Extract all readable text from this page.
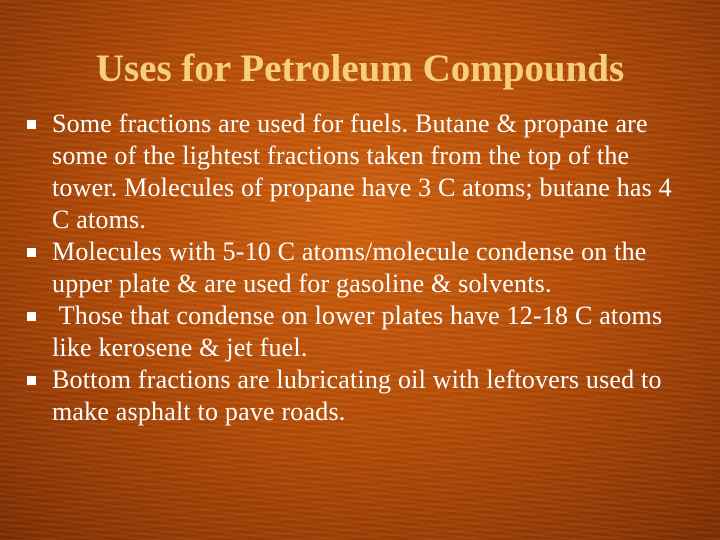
Uses for Petroleum Compounds
Some fractions are used for fuels. Butane & propane are some of the lightest fractions taken from the top of the tower. Molecules of propane have 3 C atoms; butane has 4 C atoms.
Molecules with 5-10 C atoms/molecule condense on the upper plate & are used for gasoline & solvents.
Those that condense on lower plates have 12-18 C atoms like kerosene & jet fuel.
Bottom fractions are lubricating oil with leftovers used to make asphalt to pave roads.
